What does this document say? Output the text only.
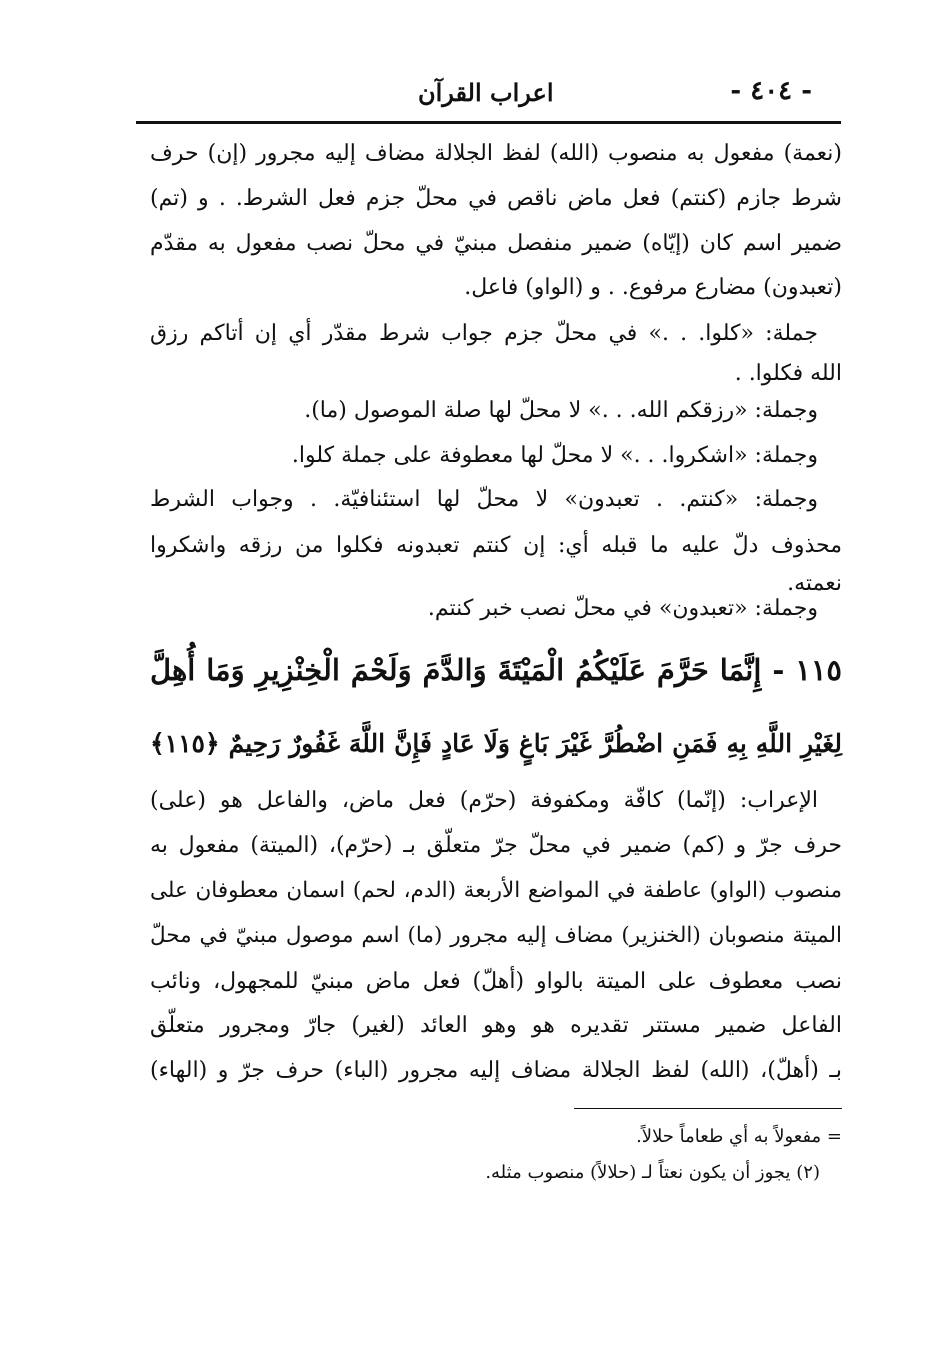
- ٤٠٤ -
اعراب القرآن
(نعمة) مفعول به منصوب (الله) لفظ الجلالة مضاف إليه مجرور (إن) حرف
شرط جازم (كنتم) فعل ماض ناقص في محلّ جزم فعل الشرط. . و (تم)
ضمير اسم كان (إيّاه) ضمير منفصل مبنيّ في محلّ نصب مفعول به مقدّم
(تعبدون) مضارع مرفوع. . و (الواو) فاعل.
جملة: «كلوا. . .» في محلّ جزم جواب شرط مقدّر أي إن أتاكم رزق
الله فكلوا. .
وجملة: «رزقكم الله. . .» لا محلّ لها صلة الموصول (ما).
وجملة: «اشكروا. . .» لا محلّ لها معطوفة على جملة كلوا.
وجملة: «كنتم. . تعبدون» لا محلّ لها استئنافيّة. . وجواب الشرط
محذوف دلّ عليه ما قبله أي: إن كنتم تعبدونه فكلوا من رزقه واشكروا
نعمته.
وجملة: «تعبدون» في محلّ نصب خبر كنتم.
١١٥ - إِنَّمَا حَرَّمَ عَلَيْكُمُ الْمَيْتَةَ وَالدَّمَ وَلَحْمَ الْخِنْزِيرِ وَمَا أُهِلَّ
لِغَيْرِ اللَّهِ بِهِ فَمَنِ اضْطُرَّ غَيْرَ بَاغٍ وَلَا عَادٍ فَإِنَّ اللَّهَ غَفُورٌ رَحِيمٌ ﴿١١٥﴾
الإعراب: (إنّما) كافّة ومكفوفة (حرّم) فعل ماض، والفاعل هو (على)
حرف جرّ و (كم) ضمير في محلّ جرّ متعلّق بـ (حرّم)، (الميتة) مفعول به
منصوب (الواو) عاطفة في المواضع الأربعة (الدم، لحم) اسمان معطوفان على
الميتة منصوبان (الخنزير) مضاف إليه مجرور (ما) اسم موصول مبنيّ في محلّ
نصب معطوف على الميتة بالواو (أهلّ) فعل ماض مبنيّ للمجهول، ونائب
الفاعل ضمير مستتر تقديره هو وهو العائد (لغير) جارّ ومجرور متعلّق
بـ (أهلّ)، (الله) لفظ الجلالة مضاف إليه مجرور (الباء) حرف جرّ و (الهاء)
= مفعولاً به أي طعاماً حلالاً.
(٢) يجوز أن يكون نعتاً لـ (حلالاً) منصوب مثله.
